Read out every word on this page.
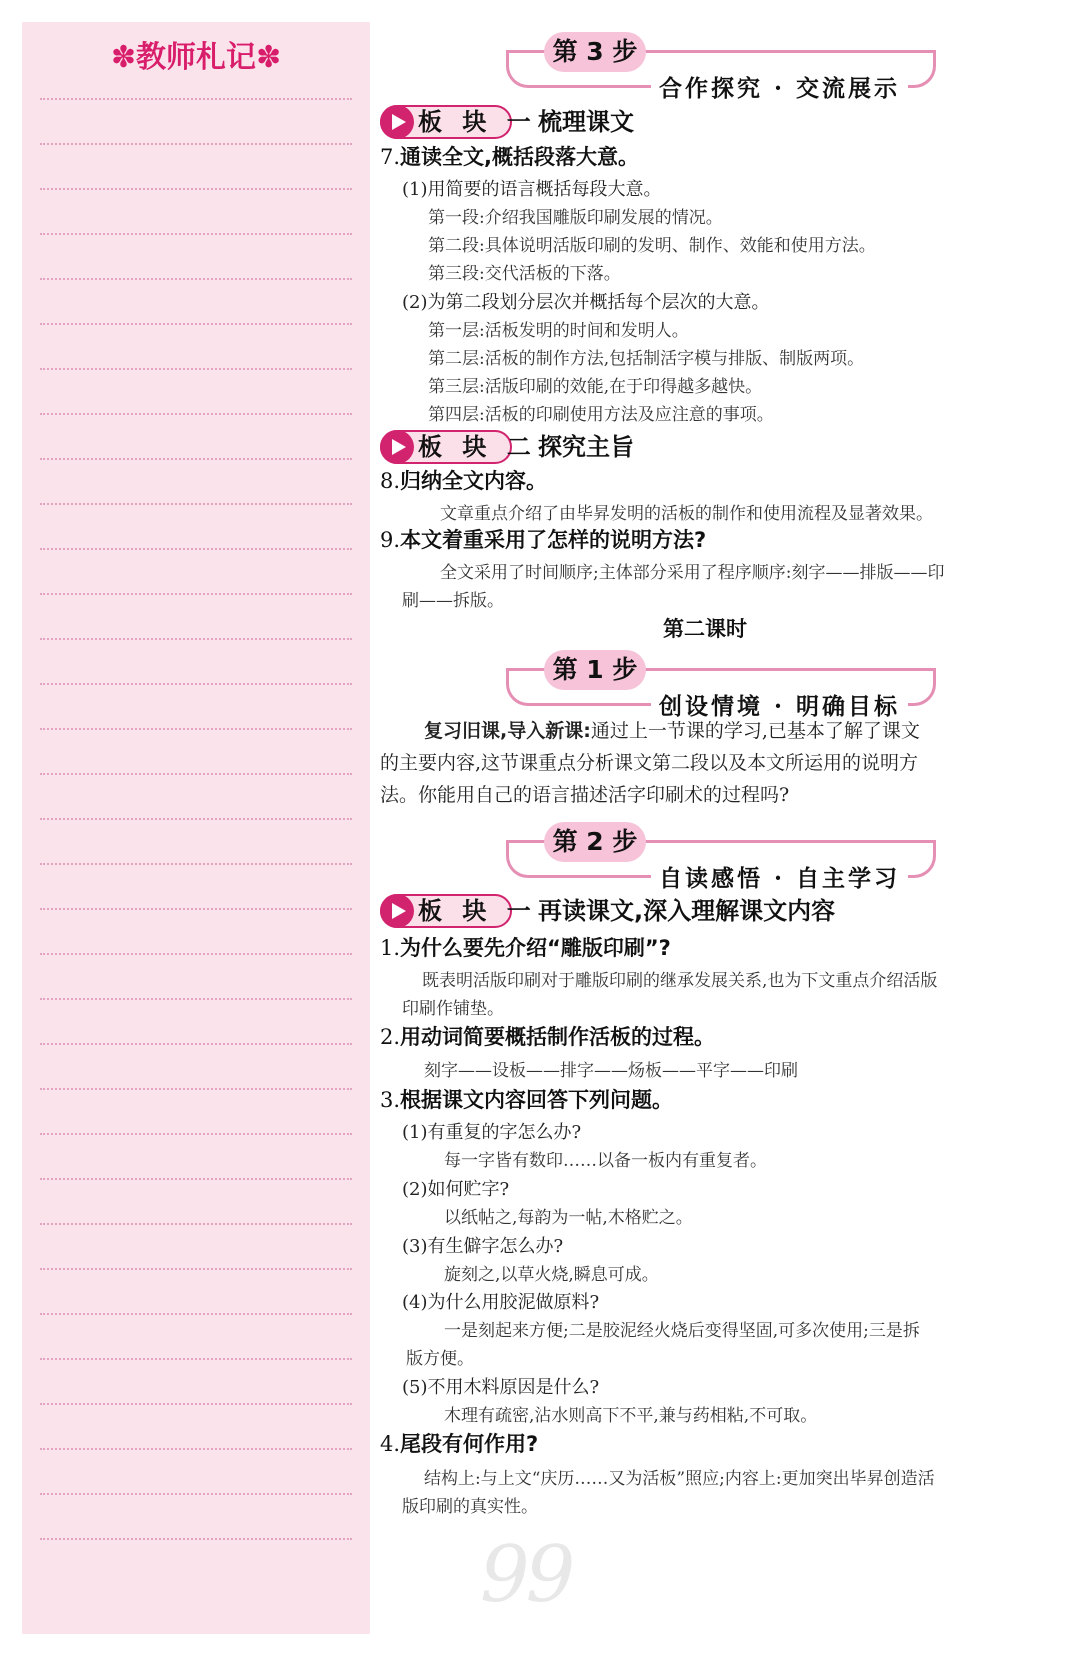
✽教师札记✽	第 3 步
合作探究 · 交流展示
板 块 一 梳理课文
7.通读全文,概括段落大意。
(1)用简要的语言概括每段大意。
第一段:介绍我国雕版印刷发展的情况。
第二段:具体说明活版印刷的发明、制作、效能和使用方法。
第三段:交代活板的下落。
(2)为第二段划分层次并概括每个层次的大意。
第一层:活板发明的时间和发明人。
第二层:活板的制作方法,包括制活字模与排版、制版两项。
第三层:活版印刷的效能,在于印得越多越快。
第四层:活板的印刷使用方法及应注意的事项。
板 块 二 探究主旨
8.归纳全文内容。
文章重点介绍了由毕昇发明的活板的制作和使用流程及显著效果。
9.本文着重采用了怎样的说明方法?
全文采用了时间顺序;主体部分采用了程序顺序:刻字——排版——印
刷——拆版。
第二课时
第 1 步
创设情境 · 明确目标
复习旧课,导入新课:通过上一节课的学习,已基本了解了课文
的主要内容,这节课重点分析课文第二段以及本文所运用的说明方
法。你能用自己的语言描述活字印刷术的过程吗?
第 2 步
自读感悟 · 自主学习
板 块 一 再读课文,深入理解课文内容
1.为什么要先介绍“雕版印刷”?
既表明活版印刷对于雕版印刷的继承发展关系,也为下文重点介绍活版
印刷作铺垫。
2.用动词简要概括制作活板的过程。
刻字——设板——排字——炀板——平字——印刷
3.根据课文内容回答下列问题。
(1)有重复的字怎么办?
每一字皆有数印……以备一板内有重复者。
(2)如何贮字?
以纸帖之,每韵为一帖,木格贮之。
(3)有生僻字怎么办?
旋刻之,以草火烧,瞬息可成。
(4)为什么用胶泥做原料?
一是刻起来方便;二是胶泥经火烧后变得坚固,可多次使用;三是拆
版方便。
(5)不用木料原因是什么?
木理有疏密,沾水则高下不平,兼与药相粘,不可取。
4.尾段有何作用?
结构上:与上文“庆历……又为活板”照应;内容上:更加突出毕昇创造活
版印刷的真实性。
99
